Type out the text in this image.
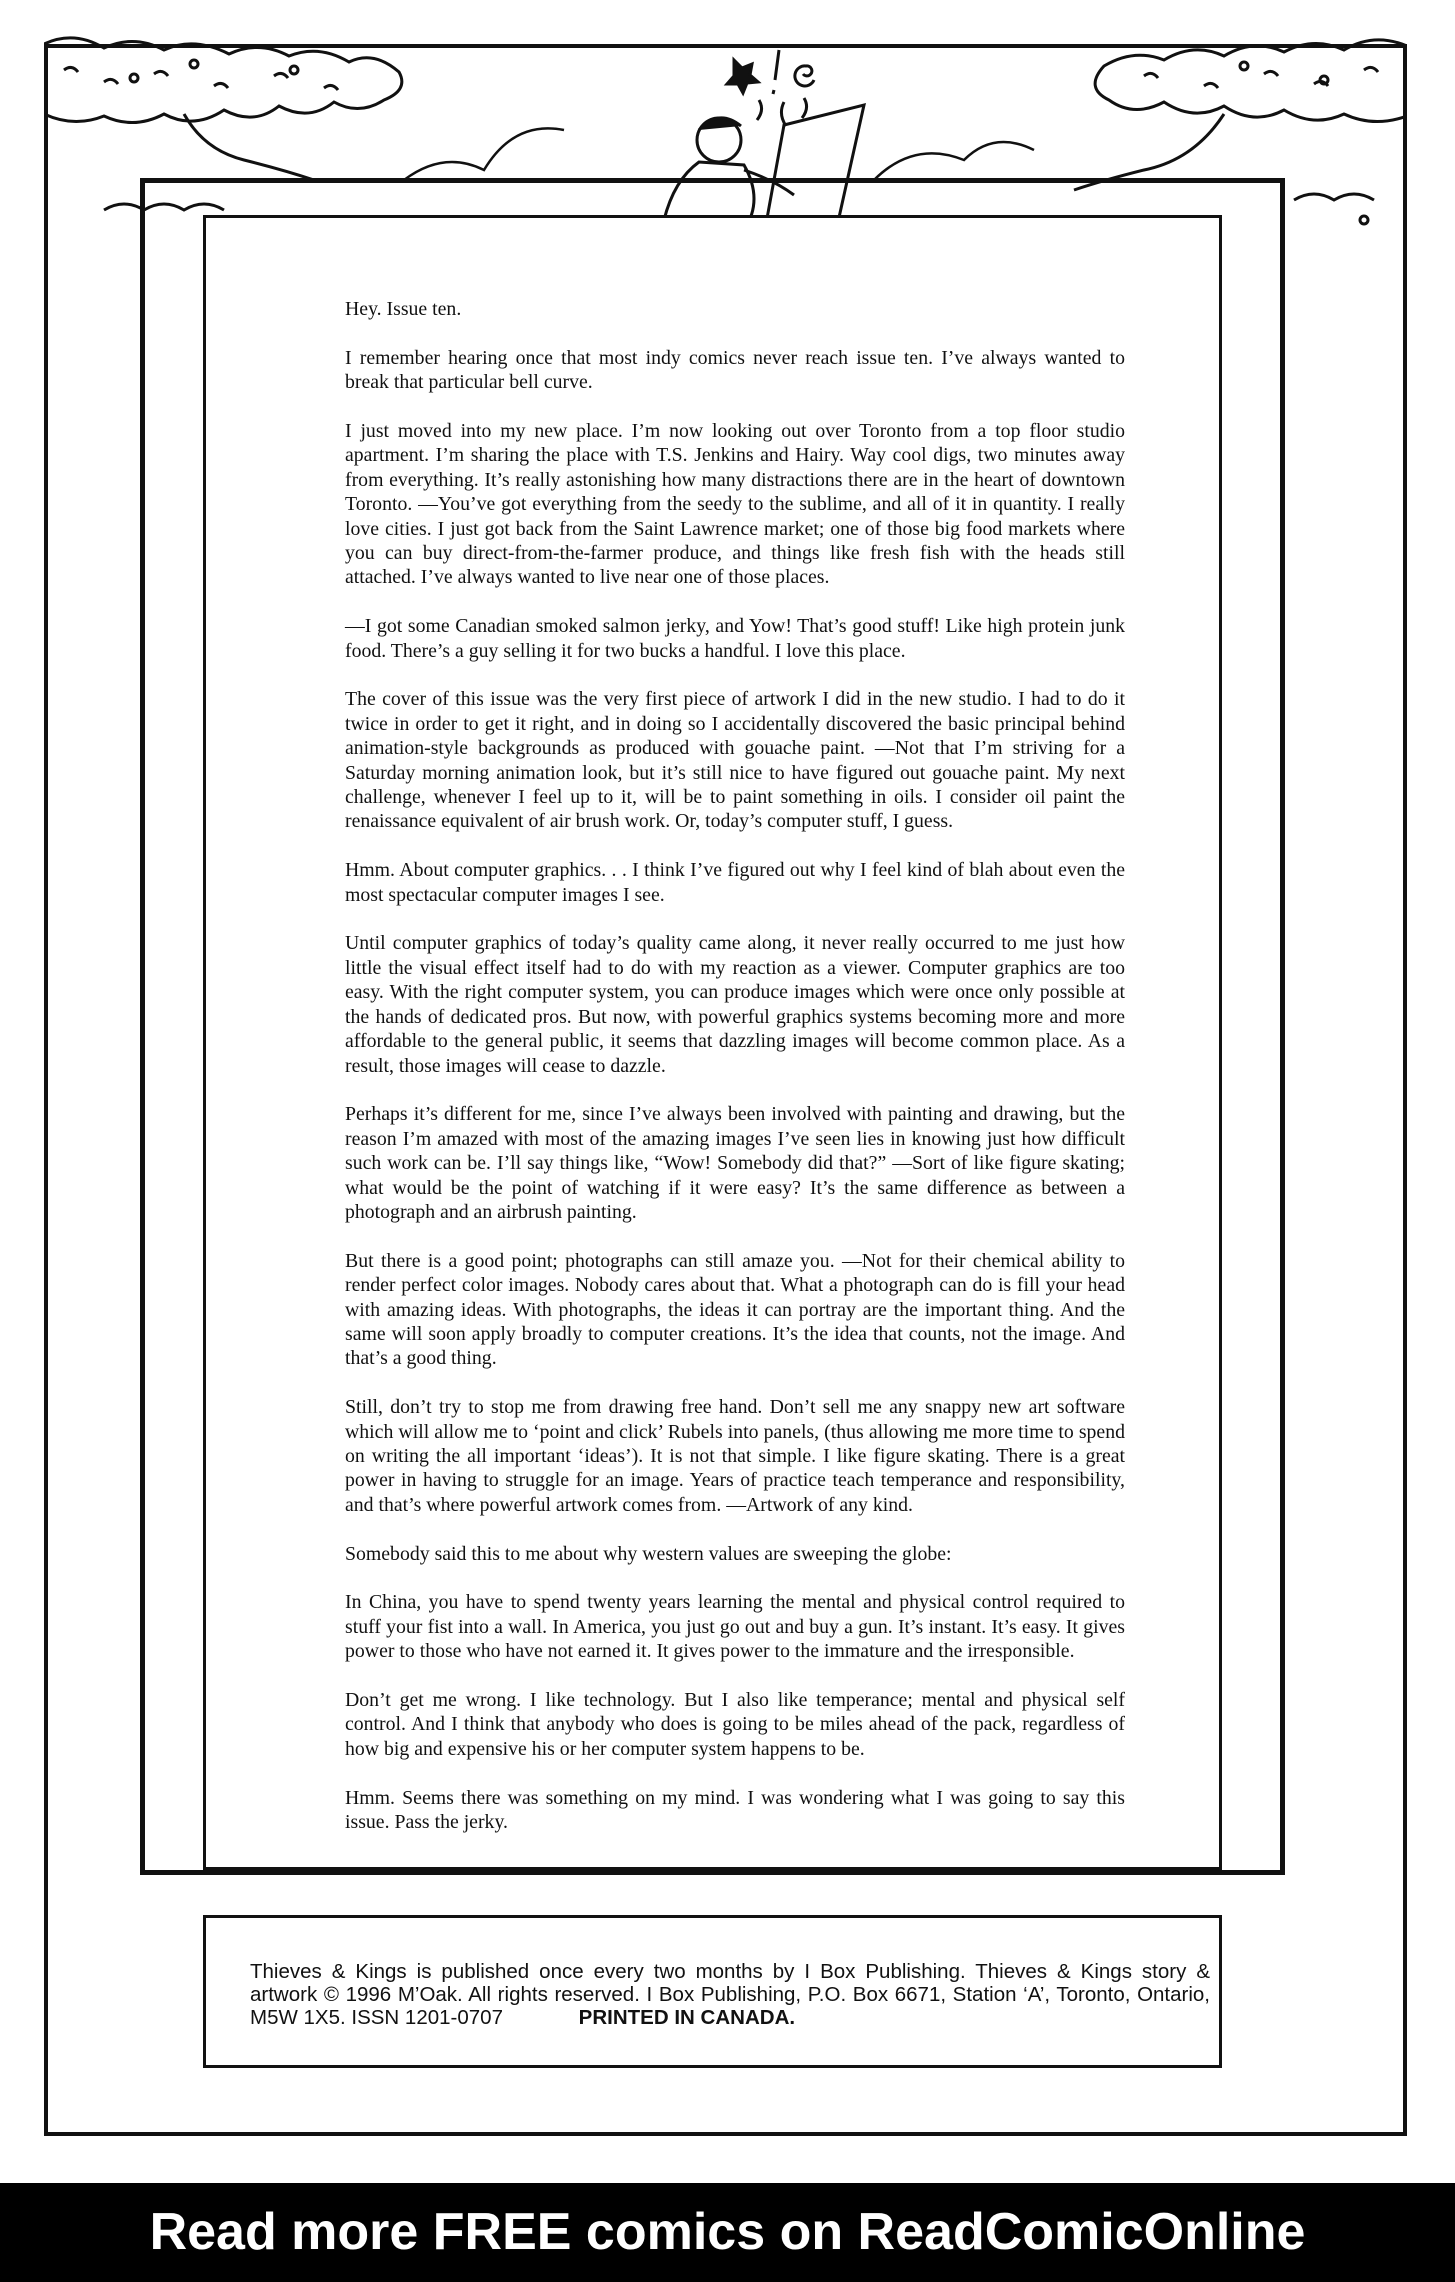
Hey. Issue ten.

I remember hearing once that most indy comics never reach issue ten. I’ve always wanted to break that particular bell curve.

I just moved into my new place. I’m now looking out over Toronto from a top floor studio apartment. I’m sharing the place with T.S. Jenkins and Hairy. Way cool digs, two minutes away from everything. It’s really astonishing how many distractions there are in the heart of downtown Toronto. —You’ve got everything from the seedy to the sublime, and all of it in quantity. I really love cities. I just got back from the Saint Lawrence market; one of those big food markets where you can buy direct-from-the-farmer produce, and things like fresh fish with the heads still attached. I’ve always wanted to live near one of those places.

—I got some Canadian smoked salmon jerky, and Yow! That’s good stuff! Like high protein junk food. There’s a guy selling it for two bucks a handful. I love this place.

The cover of this issue was the very first piece of artwork I did in the new studio. I had to do it twice in order to get it right, and in doing so I accidentally discovered the basic principal behind animation-style backgrounds as produced with gouache paint. —Not that I’m striving for a Saturday morning animation look, but it’s still nice to have figured out gouache paint. My next challenge, whenever I feel up to it, will be to paint something in oils. I consider oil paint the renaissance equivalent of air brush work. Or, today’s computer stuff, I guess.

Hmm. About computer graphics. . . I think I’ve figured out why I feel kind of blah about even the most spectacular computer images I see.

Until computer graphics of today’s quality came along, it never really occurred to me just how little the visual effect itself had to do with my reaction as a viewer. Computer graphics are too easy. With the right computer system, you can produce images which were once only possible at the hands of dedicated pros. But now, with powerful graphics systems becoming more and more affordable to the general public, it seems that dazzling images will become common place. As a result, those images will cease to dazzle.

Perhaps it’s different for me, since I’ve always been involved with painting and drawing, but the reason I’m amazed with most of the amazing images I’ve seen lies in knowing just how difficult such work can be. I’ll say things like, “Wow! Somebody did that?” —Sort of like figure skating; what would be the point of watching if it were easy? It’s the same difference as between a photograph and an airbrush painting.

But there is a good point; photographs can still amaze you. —Not for their chemical ability to render perfect color images. Nobody cares about that. What a photograph can do is fill your head with amazing ideas. With photographs, the ideas it can portray are the important thing. And the same will soon apply broadly to computer creations. It’s the idea that counts, not the image. And that’s a good thing.

Still, don’t try to stop me from drawing free hand. Don’t sell me any snappy new art software which will allow me to ‘point and click’ Rubels into panels, (thus allowing me more time to spend on writing the all important ‘ideas’). It is not that simple. I like figure skating. There is a great power in having to struggle for an image. Years of practice teach temperance and responsibility, and that’s where powerful artwork comes from. —Artwork of any kind.

Somebody said this to me about why western values are sweeping the globe:

In China, you have to spend twenty years learning the mental and physical control required to stuff your fist into a wall. In America, you just go out and buy a gun. It’s instant. It’s easy. It gives power to those who have not earned it. It gives power to the immature and the irresponsible.

Don’t get me wrong. I like technology. But I also like temperance; mental and physical self control. And I think that anybody who does is going to be miles ahead of the pack, regardless of how big and expensive his or her computer system happens to be.

Hmm. Seems there was something on my mind. I was wondering what I was going to say this issue. Pass the jerky.

Thieves & Kings is published once every two months by I Box Publishing. Thieves & Kings story & artwork © 1996 M’Oak. All rights reserved. I Box Publishing, P.O. Box 6671, Station ‘A’, Toronto, Ontario, M5W 1X5. ISSN 1201-0707	PRINTED IN CANADA.
Read more FREE comics on ReadComicOnline
